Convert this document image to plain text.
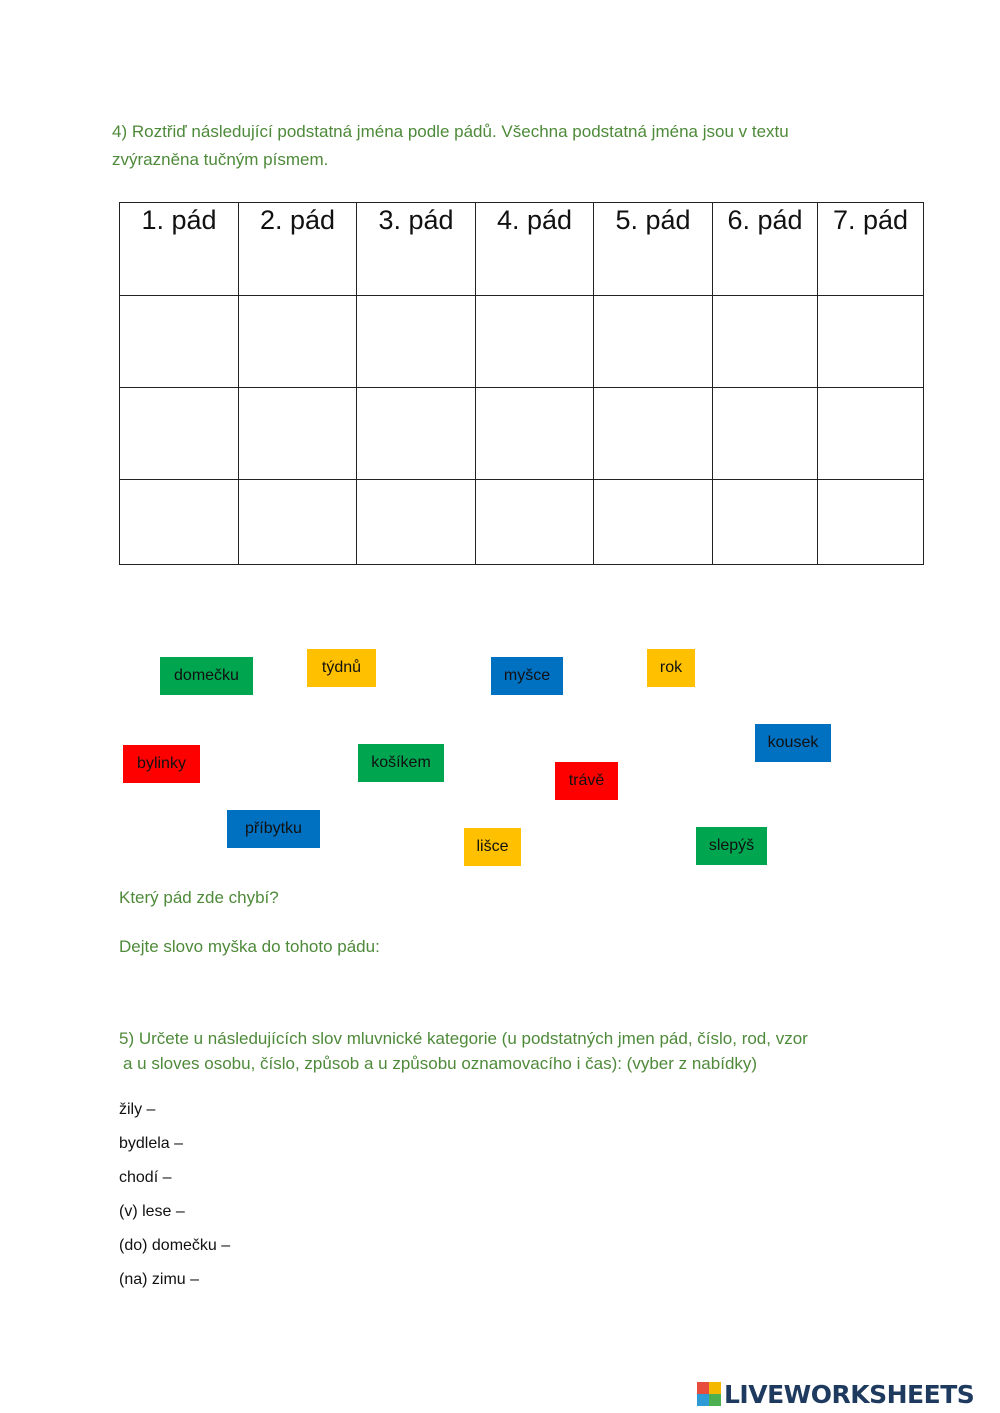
4) Roztřiď následující podstatná jména podle pádů. Všechna podstatná jména jsou v textu
zvýrazněna tučným písmem.
1. pád	2. pád	3. pád	4. pád	5. pád	6. pád	7. pád

domečku	týdnů	myšce	rok
kousek
bylinky	košíkem
trávě
příbytku
lišce	slepýš
Který pád zde chybí?
Dejte slovo myška do tohoto pádu:
5) Určete u následujících slov mluvnické kategorie (u podstatných jmen pád, číslo, rod, vzor
a u sloves osobu, číslo, způsob a u způsobu oznamovacího i čas): (vyber z nabídky)
žily –
bydlela –
chodí –
(v) lese –
(do) domečku –
(na) zimu –
LIVEWORKSHEETS
